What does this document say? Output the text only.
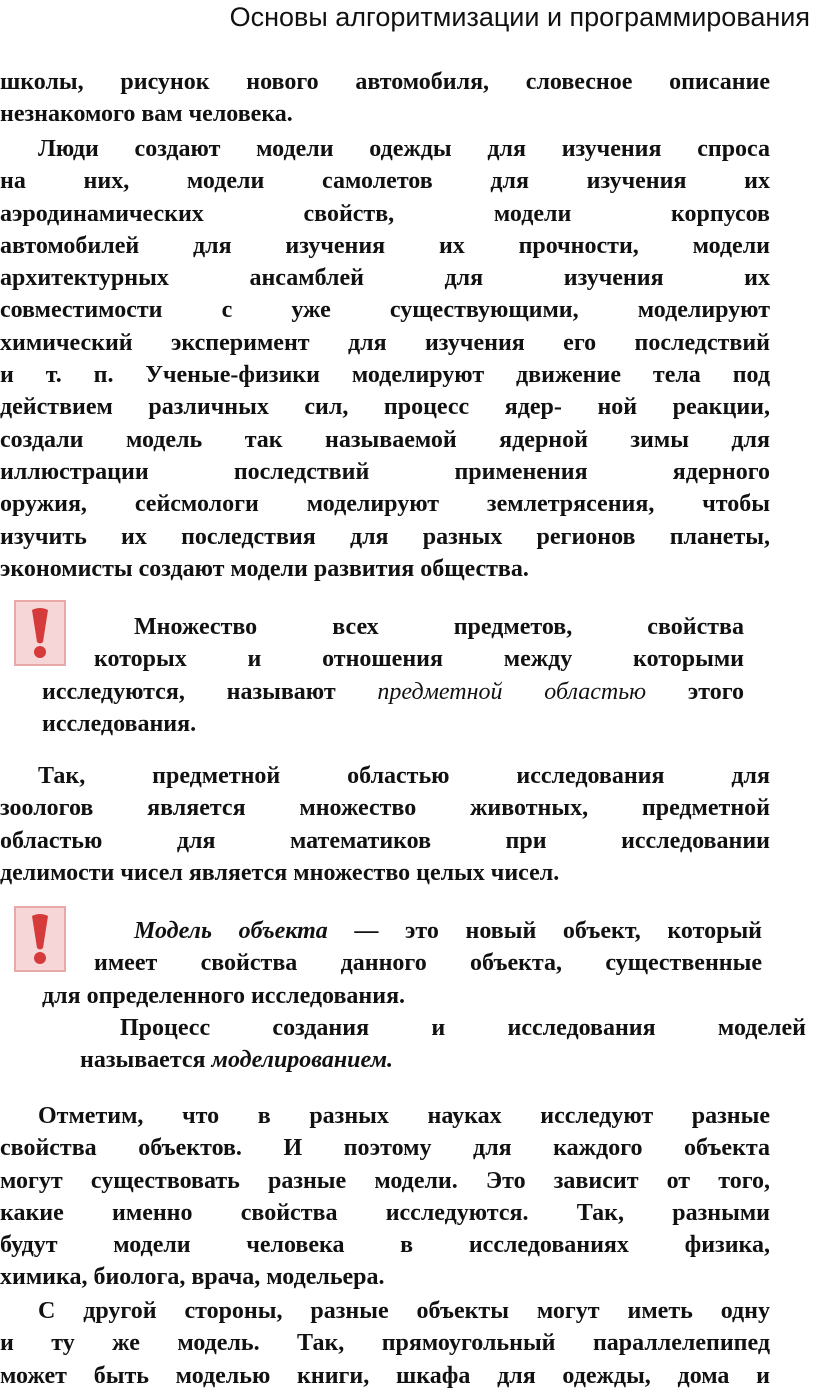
Основы алгоритмизации и программирования

школы, рисунок нового автомобиля, словесное описание

незнакомого вам человека.

Люди создают модели одежды для изучения спроса

на них, модели самолетов для изучения их

аэродинамических свойств, модели корпусов

автомобилей для изучения их прочности, модели

архитектурных ансамблей для изучения их

совместимости с уже существующими, моделируют

химический эксперимент для изучения его последствий

и т. п. Ученые-физики моделируют движение тела под

действием различных сил, процесс ядер- ной реакции,

создали модель так называемой ядерной зимы для

иллюстрации последствий применения ядерного

оружия, сейсмологи моделируют землетрясения, чтобы

изучить их последствия для разных регионов планеты,

экономисты создают модели развития общества.

Множество всех предметов, свойства

которых и отношения между которыми

исследуются, называют предметной областью этого

исследования.

Так, предметной областью исследования для

зоологов является множество животных, предметной

областью для математиков при исследовании

делимости чисел является множество целых чисел.

Модель объекта — это новый объект, который

имеет свойства данного объекта, существенные

для определенного исследования.

Процесс создания и исследования моделей

называется моделированием.

Отметим, что в разных науках исследуют разные

свойства объектов. И поэтому для каждого объекта

могут существовать разные модели. Это зависит от того,

какие именно свойства исследуются. Так, разными

будут модели человека в исследованиях физика,

химика, биолога, врача, модельера.

С другой стороны, разные объекты могут иметь одну

и ту же модель. Так, прямоугольный параллелепипед

может быть моделью книги, шкафа для одежды, дома и
